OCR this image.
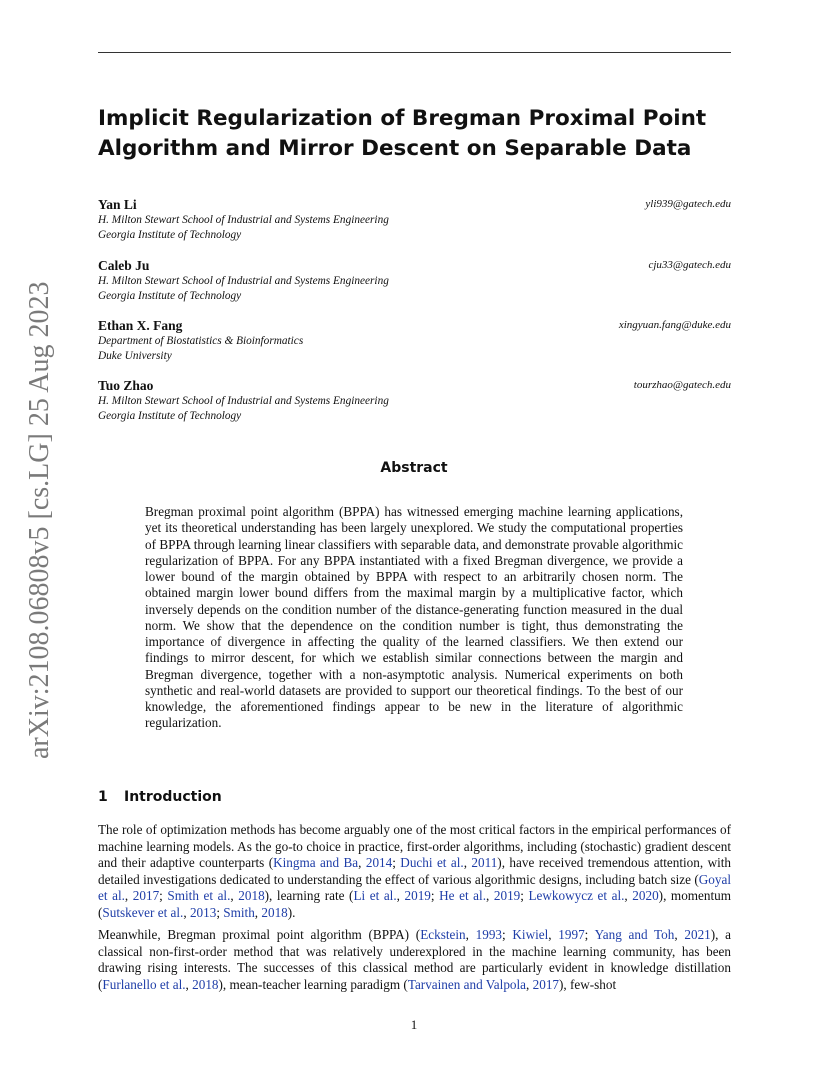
arXiv:2108.06808v5 [cs.LG] 25 Aug 2023
Implicit Regularization of Bregman Proximal Point Algorithm and Mirror Descent on Separable Data
Yan Li	yli939@gatech.edu
H. Milton Stewart School of Industrial and Systems Engineering
Georgia Institute of Technology
Caleb Ju	cju33@gatech.edu
H. Milton Stewart School of Industrial and Systems Engineering
Georgia Institute of Technology
Ethan X. Fang	xingyuan.fang@duke.edu
Department of Biostatistics & Bioinformatics
Duke University
Tuo Zhao	tourzhao@gatech.edu
H. Milton Stewart School of Industrial and Systems Engineering
Georgia Institute of Technology
Abstract
Bregman proximal point algorithm (BPPA) has witnessed emerging machine learning applications, yet its theoretical understanding has been largely unexplored. We study the computational properties of BPPA through learning linear classifiers with separable data, and demonstrate provable algorithmic regularization of BPPA. For any BPPA instantiated with a fixed Bregman divergence, we provide a lower bound of the margin obtained by BPPA with respect to an arbitrarily chosen norm. The obtained margin lower bound differs from the maximal margin by a multiplicative factor, which inversely depends on the condition number of the distance-generating function measured in the dual norm. We show that the dependence on the condition number is tight, thus demonstrating the importance of divergence in affecting the quality of the learned classifiers. We then extend our findings to mirror descent, for which we establish similar connections between the margin and Bregman divergence, together with a non-asymptotic analysis. Numerical experiments on both synthetic and real-world datasets are provided to support our theoretical findings. To the best of our knowledge, the aforementioned findings appear to be new in the literature of algorithmic regularization.
1 Introduction

The role of optimization methods has become arguably one of the most critical factors in the empirical performances of machine learning models. As the go-to choice in practice, first-order algorithms, including (stochastic) gradient descent and their adaptive counterparts (Kingma and Ba, 2014; Duchi et al., 2011), have received tremendous attention, with detailed investigations dedicated to understanding the effect of various algorithmic designs, including batch size (Goyal et al., 2017; Smith et al., 2018), learning rate (Li et al., 2019; He et al., 2019; Lewkowycz et al., 2020), momentum (Sutskever et al., 2013; Smith, 2018).

Meanwhile, Bregman proximal point algorithm (BPPA) (Eckstein, 1993; Kiwiel, 1997; Yang and Toh, 2021), a classical non-first-order method that was relatively underexplored in the machine learning community, has been drawing rising interests. The successes of this classical method are particularly evident in knowledge distillation (Furlanello et al., 2018), mean-teacher learning paradigm (Tarvainen and Valpola, 2017), few-shot

1
